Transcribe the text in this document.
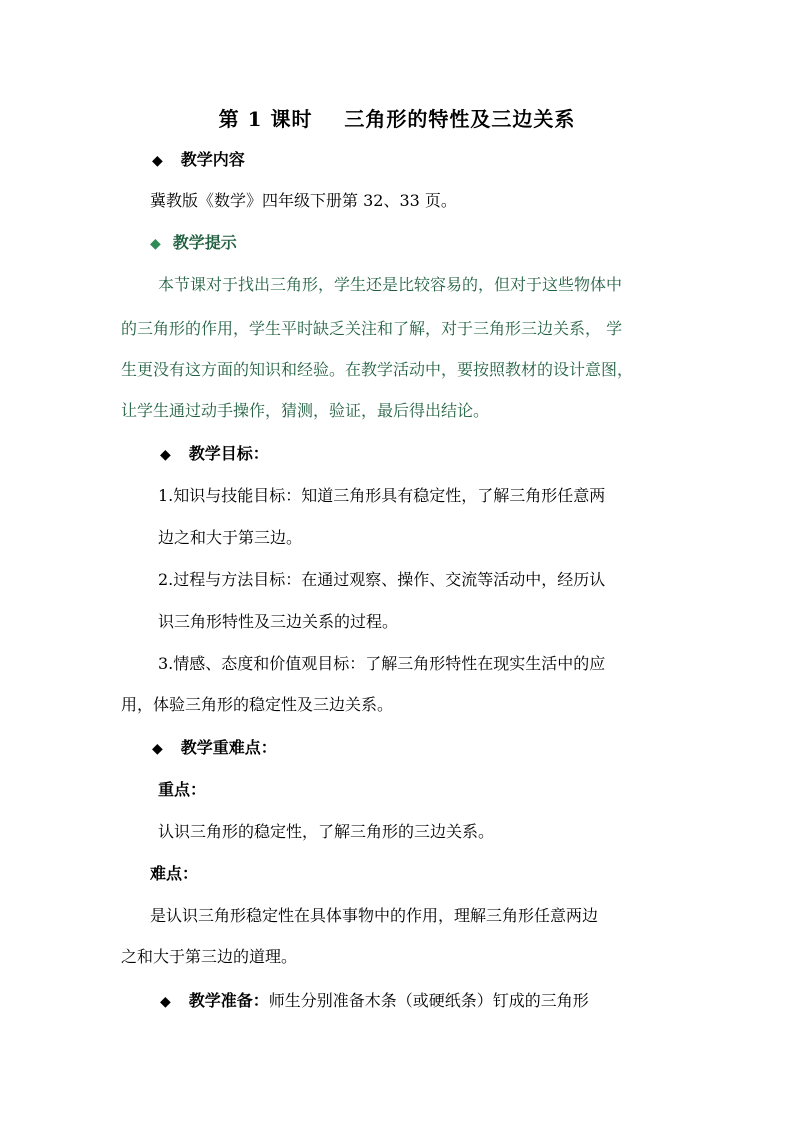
第 1 课时    三角形的特性及三边关系
◆ 教学内容
冀教版《数学》四年级下册第 32、33 页。
◆ 教学提示
本节课对于找出三角形，学生还是比较容易的，但对于这些物体中
的三角形的作用，学生平时缺乏关注和了解，对于三角形三边关系， 学
生更没有这方面的知识和经验。在教学活动中，要按照教材的设计意图，
让学生通过动手操作，猜测，验证，最后得出结论。
◆ 教学目标：
1.知识与技能目标：知道三角形具有稳定性，了解三角形任意两
边之和大于第三边。
2.过程与方法目标：在通过观察、操作、交流等活动中，经历认
识三角形特性及三边关系的过程。
3.情感、态度和价值观目标：了解三角形特性在现实生活中的应
用，体验三角形的稳定性及三边关系。
◆ 教学重难点：
重点：
认识三角形的稳定性，了解三角形的三边关系。
难点：
是认识三角形稳定性在具体事物中的作用，理解三角形任意两边
之和大于第三边的道理。
◆ 教学准备：师生分别准备木条（或硬纸条）钉成的三角形
